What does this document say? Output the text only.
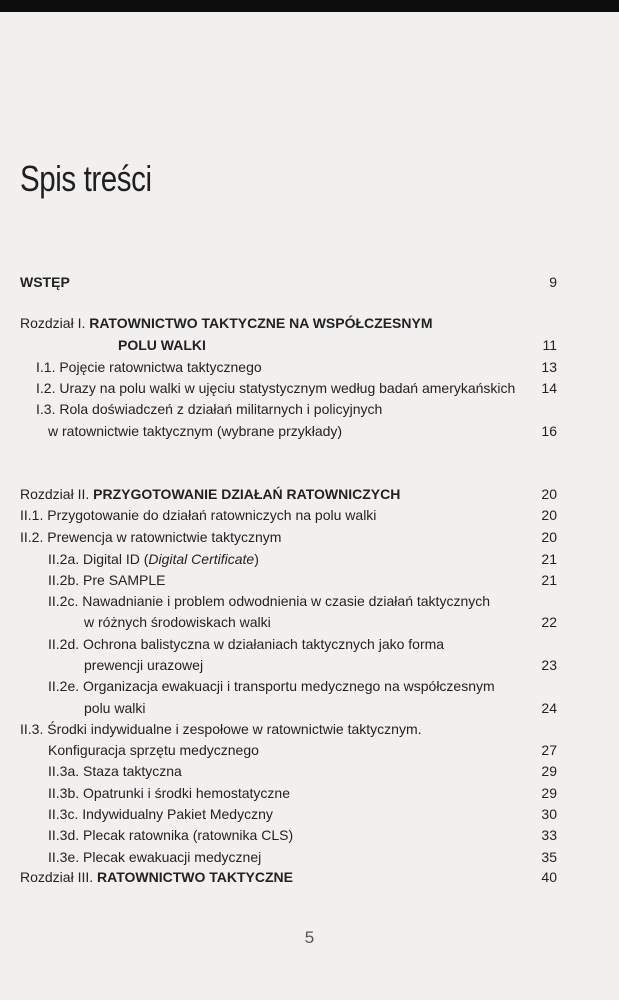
Spis treści
WSTĘP	9
Rozdział I. RATOWNICTWO TAKTYCZNE NA WSPÓŁCZESNYM
POLU WALKI	11
I.1. Pojęcie ratownictwa taktycznego	13
I.2. Urazy na polu walki w ujęciu statystycznym według badań amerykańskich 14
I.3. Rola doświadczeń z działań militarnych i policyjnych
w ratownictwie taktycznym (wybrane przykłady)	16
Rozdział II. PRZYGOTOWANIE DZIAŁAŃ RATOWNICZYCH	20
II.1. Przygotowanie do działań ratowniczych na polu walki	20
II.2. Prewencja w ratownictwie taktycznym	20
II.2a. Digital ID (Digital Certificate)	21
II.2b. Pre SAMPLE	21
II.2c. Nawadnianie i problem odwodnienia w czasie działań taktycznych
w różnych środowiskach walki	22
II.2d. Ochrona balistyczna w działaniach taktycznych jako forma
prewencji urazowej	23
II.2e. Organizacja ewakuacji i transportu medycznego na współczesnym
polu walki	24
II.3. Środki indywidualne i zespołowe w ratownictwie taktycznym.
Konfiguracja sprzętu medycznego	27
II.3a. Staza taktyczna	29
II.3b. Opatrunki i środki hemostatyczne	29
II.3c. Indywidualny Pakiet Medyczny	30
II.3d. Plecak ratownika (ratownika CLS)	33
II.3e. Plecak ewakuacji medycznej	35
Rozdział III. RATOWNICTWO TAKTYCZNE	40
5
